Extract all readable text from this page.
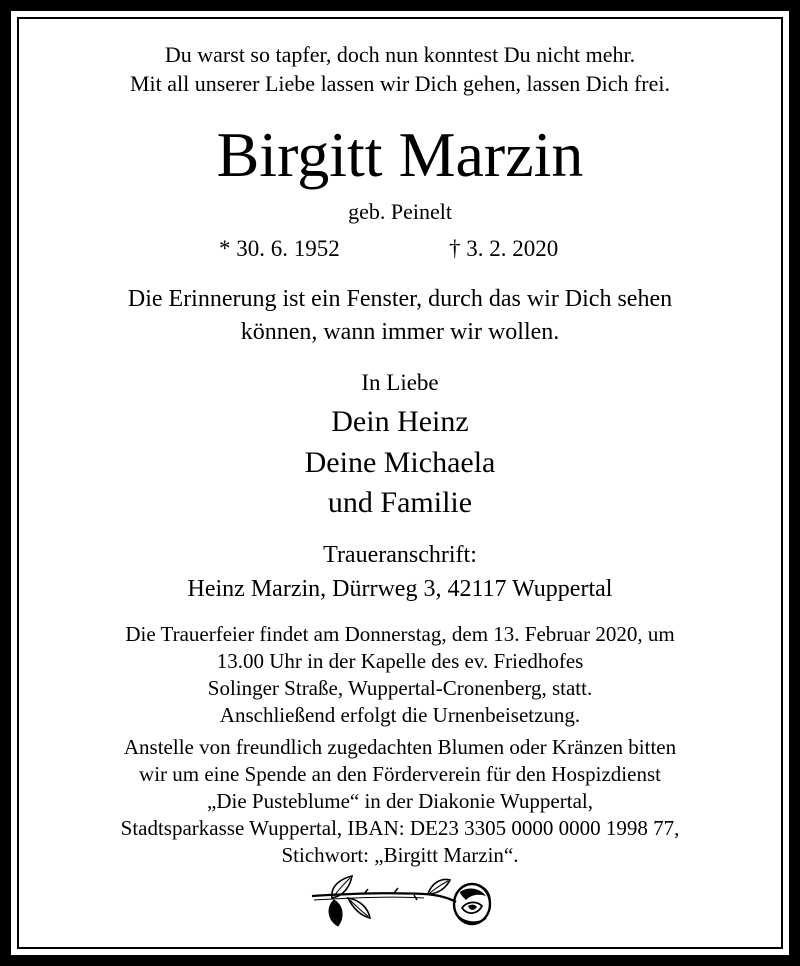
Du warst so tapfer, doch nun konntest Du nicht mehr.
Mit all unserer Liebe lassen wir Dich gehen, lassen Dich frei.
Birgitt Marzin
geb. Peinelt
* 30. 6. 1952	† 3. 2. 2020
Die Erinnerung ist ein Fenster, durch das wir Dich sehen
können, wann immer wir wollen.
In Liebe
Dein Heinz
Deine Michaela
und Familie
Traueranschrift:
Heinz Marzin, Dürrweg 3, 42117 Wuppertal
Die Trauerfeier findet am Donnerstag, dem 13. Februar 2020, um
13.00 Uhr in der Kapelle des ev. Friedhofes
Solinger Straße, Wuppertal-Cronenberg, statt.
Anschließend erfolgt die Urnenbeisetzung.
Anstelle von freundlich zugedachten Blumen oder Kränzen bitten
wir um eine Spende an den Förderverein für den Hospizdienst
„Die Pusteblume“ in der Diakonie Wuppertal,
Stadtsparkasse Wuppertal, IBAN: DE23 3305 0000 0000 1998 77,
Stichwort: „Birgitt Marzin“.
